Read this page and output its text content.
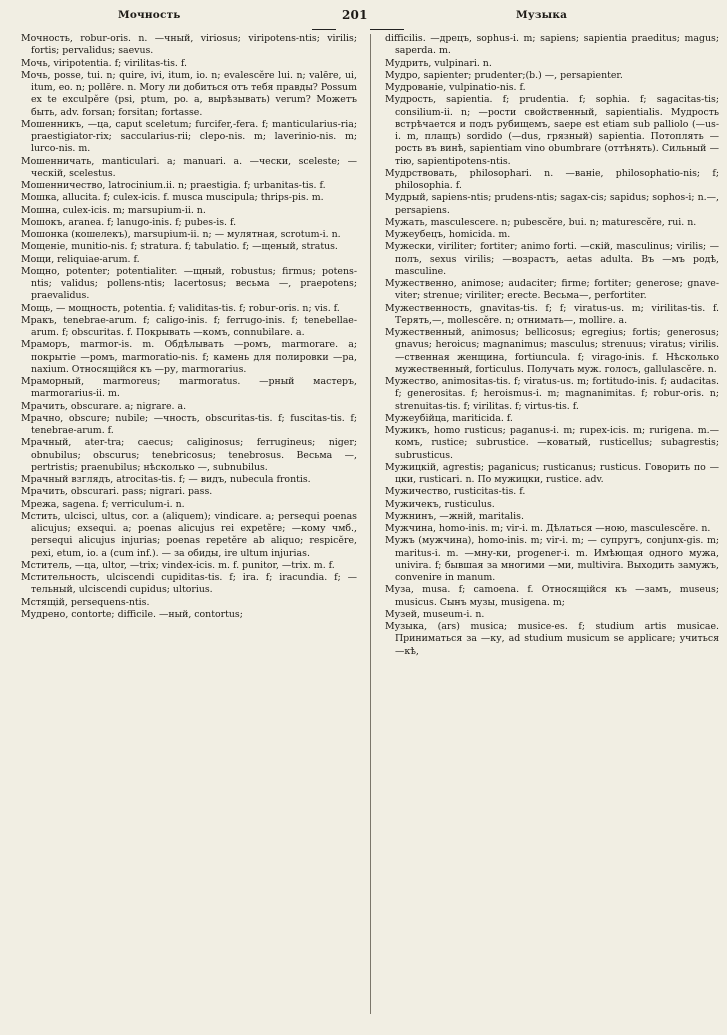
Мочность	201	Музыка

Мочность, robur-oris. n. —чный, viriosus; viripotens-ntis; virilis; fortis; pervalidus; saevus.

Мочь, viripotentia. f; virilitas-tis. f.

Мочь, posse, tui. n; quire, ivi, itum, io. n; evalescĕre lui. n; valēre, ui, itum, eo. n; pollēre. n. Могу ли добиться отъ тебя правды? Possum ex te exculpĕre (psi, ptum, po. a, вырѣзывать) verum? Можетъ быть, adv. forsan; forsitan; fortasse.

Мошенникъ, —ца, caput sceletum; furcifer,-fera. f; manticularius-ria; praestigiator-rix; saccularius-rii; clepo-nis. m; laverinio-nis. m; lurco-nis. m.

Мошенничать, manticulari. a; manuari. a. —чески, sceleste; —ческій, scelestus.

Мошенничество, latrocinium.ii. n; praestigia. f; urbanitas-tis. f.

Мошка, allucita. f; culex-icis. f. musca muscipula; thrips-pis. m.

Мошна, culex-icis. m; marsupium-ii. n.

Мошокъ, aranea. f; lanugo-inis. f; pubes-is. f.

Мошонка (кошелекъ), marsupium-ii. n; — мулятная, scrotum-i. n.

Мощеніе, munitio-nis. f; stratura. f; tabulatio. f; —щеный, stratus.

Мощи, reliquiae-arum. f.

Мощно, potenter; potentialiter. —щный, robustus; firmus; potens-ntis; validus; pollens-ntis; lacertosus; весьма —, praepotens; praevalidus.

Мощь, — мощность, potentia. f; validitas-tis. f; robur-oris. n; vis. f.

Мракъ, tenebrae-arum. f; caligo-inis. f; ferrugo-inis. f; tenebellae-arum. f; obscuritas. f. Покрывать —комъ, connubilare. a.

Мраморъ, marmor-is. m. Обдѣлывать —ромъ, marmorare. a; покрытіе —ромъ, marmoratio-nis. f; камень для полировки —ра, naxium. Относящійся къ —ру, marmorarius.

Мраморный, marmoreus; marmoratus. —рный мастеръ, marmorarius-ii. m.

Мрачить, obscurare. a; nigrare. a.

Мрачно, obscure; nubile; —чность, obscuritas-tis. f; fuscitas-tis. f; tenebrae-arum. f.

Мрачный, ater-tra; caecus; caliginosus; ferrugineus; niger; obnubilus; obscurus; tenebricosus; tenebrosus. Весьма —, pertristis; praenubilus; нѣсколько —, subnubilus.

Мрачный взглядъ, atrocitas-tis. f; — видъ, nubecula frontis.

Мрачить, obscurari. pass; nigrari. pass.

Мрежа, sagena. f; verriculum-i. n.

Мстить, ulcisci, ultus, cor. a (aliquem); vindicare. a; persequi poenas alicujus; exsequi. a; poenas alicujus rei expetĕre; —кому чмб., persequi alicujus injurias; poenas repetĕre ab aliquo; respicĕre, pexi, etum, io. a (cum inf.). — за обиды, ire ultum injurias.

Мститель, —ца, ultor, —trix; vindex-icis. m. f. punitor, —trix. m. f.

Мстительность, ulciscendi cupiditas-tis. f; ira. f; iracundia. f; —тельный, ulciscendi cupidus; ultorius.

Мстящій, persequens-ntis.

Мудрено, contorte; difficile. —ный, contortus;

difficilis. —дрецъ, sophus-i. m; sapiens; sapientia praeditus; magus; saperda. m.

Мудрить, vulpinari. n.

Мудро, sapienter; prudenter;(b.) —, persapienter.

Мудрованіе, vulpinatio-nis. f.

Мудрость, sapientia. f; prudentia. f; sophia. f; sagacitas-tis; consilium-ii. n; —рости свойственный, sapientialis. Мудрость встрѣчается и подъ рубищемъ, saepe est etiam sub palliolo (—us-i. m, плащъ) sordido (—dus, грязный) sapientia. Потоплять —рость въ винѣ, sapientiam vino obumbrare (оттѣнять). Сильный —тію, sapientipotens-ntis.

Мудрствовать, philosophari. n. —ваніе, philosophatio-nis; f; philosophia. f.

Мудрый, sapiens-ntis; prudens-ntis; sagax-cis; sapidus; sophos-i; n.—, persapiens.

Мужать, masculescere. n; pubescĕre, bui. n; maturescĕre, rui. n.

Мужеубецъ, homicida. m.

Мужески, viriliter; fortiter; animo forti. —скій, masculinus; virilis; —полъ, sexus virilis; —возрастъ, aetas adulta. Въ —мъ родѣ, masculine.

Мужественно, animose; audaciter; firme; fortiter; generose; gnave-viter; strenue; viriliter; erecte. Весьма—, perfortiter.

Мужественность, gnavitas-tis. f; f; viratus-us. m; virilitas-tis. f. Терять,—, mollescĕre. n; отнимать—, mollire. a.

Мужественный, animosus; bellicosus; egregius; fortis; generosus; gnavus; heroicus; magnanimus; masculus; strenuus; viratus; virilis. —ственная женщина, fortiuncula. f; virago-inis. f. Нѣсколько мужественный, forticulus. Получать муж. голосъ, gallulascĕre. n.

Мужество, animositas-tis. f; viratus-us. m; fortitudo-inis. f; audacitas. f; generositas. f; heroismus-i. m; magnanimitas. f; robur-oris. n; strenuitas-tis. f; virilitas. f; virtus-tis. f.

Мужеубійца, mariticida. f.

Мужикъ, homo rusticus; paganus-i. m; rupex-icis. m; rurigena. m.—комъ, rustice; subrustice. —коватый, rusticellus; subagrestis; subrusticus.

Мужицкій, agrestis; paganicus; rusticanus; rusticus. Говорить по —цки, rusticari. n. По мужицки, rustice. adv.

Мужичество, rusticitas-tis. f.

Мужичекъ, rusticulus.

Мужнинъ, —жній, maritalis.

Мужчина, homo-inis. m; vir-i. m. Дѣлаться —ною, masculescĕre. n.

Мужъ (мужчина), homo-inis. m; vir-i. m; — супругъ, conjunx-gis. m; maritus-i. m. —мну-ки, progener-i. m. Имѣющая одного мужа, univira. f; бывшая за многими —ми, multivira. Выходить замужъ, convenire in manum.

Муза, musa. f; camoena. f. Относящійся къ —замъ, museus; musicus. Сынъ музы, musigena. m;

Музей, museum-i. n.

Музыка, (ars) musica; musice-es. f; studium artis musicae. Приниматься за —ку, ad studium musicum se applicare; учиться —кѣ,
